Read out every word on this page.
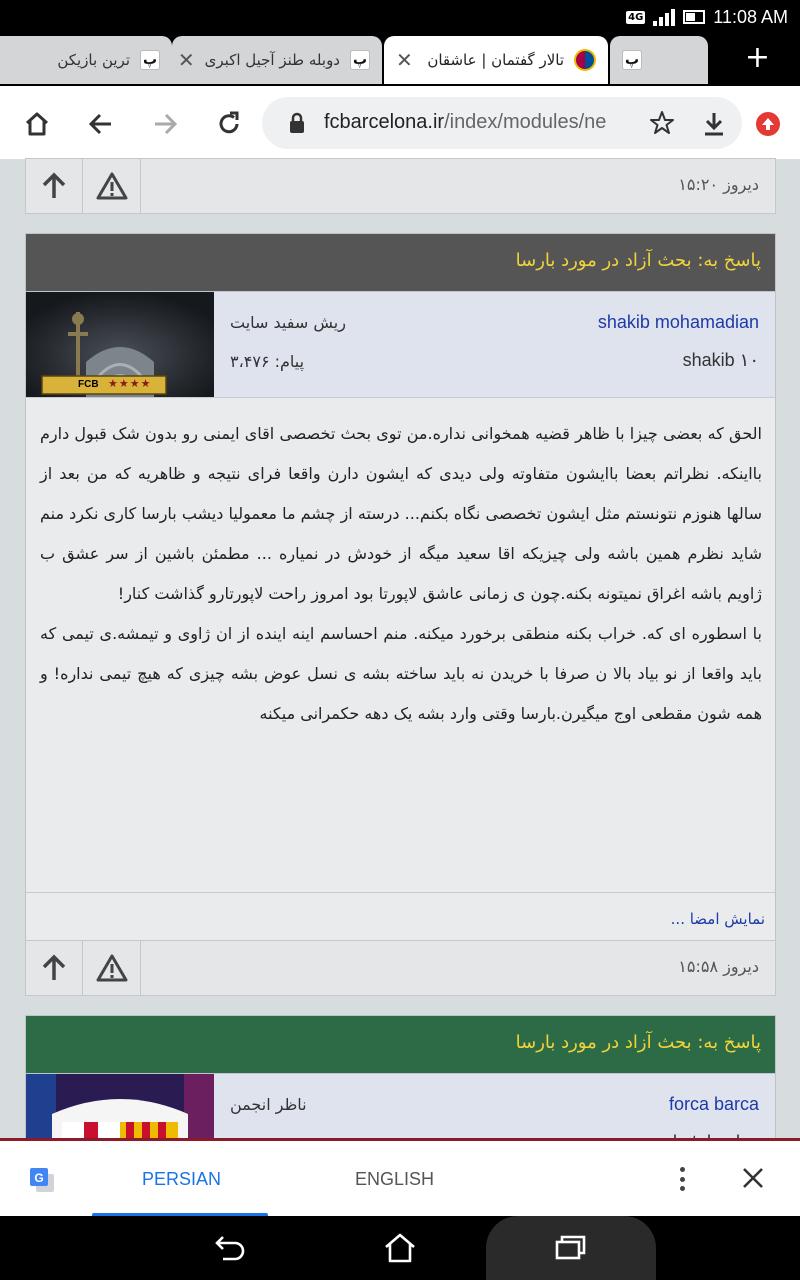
4G	11:08 AM
ﭖ
ترین بازیکن	ﭖ
دوبله طنز آجیل اکبری
✕	تالار گفتمان | عاشقان
✕	ﭖ	+
fcbarcelona.ir/index/modules/ne
دیروز ۱۵:۲۰
پاسخ به: بحث آزاد در مورد بارسا
FCB ★★★★
shakib mohamadian
shakib ۱۰
ریش سفید سایت
پیام: ۳،۴۷۶

الحق که بعضی چیزا با ظاهر قضیه همخوانی نداره.من توی بحث تخصصی اقای ایمنی رو بدون شک قبول دارم بااینکه. نظراتم بعضا باایشون متفاوته ولی دیدی که ایشون دارن واقعا فرای نتیجه و ظاهریه که من بعد از سالها هنوزم نتونستم مثل ایشون تخصصی نگاه بکنم... درسته از چشم ما معمولیا دیشب بارسا کاری نکرد منم شاید نظرم همین باشه ولی چیزیکه اقا سعید میگه از خودش در نمیاره ... مطمئن باشین از سر عشق ب ژاویم باشه اغراق نمیتونه بکنه.چون ی زمانی عاشق لاپورتا بود امروز راحت لاپورتارو گذاشت کنار!

با اسطوره ای که. خراب بکنه منطقی برخورد میکنه. منم احساسم اینه اینده از ان ژاوی و تیمشه.ی تیمی که باید واقعا از نو بیاد بالا ن صرفا با خریدن نه باید ساخته بشه ی نسل عوض بشه چیزی که هیچ تیمی نداره! و همه شون مقطعی اوج میگیرن.بارسا وقتی وارد بشه یک دهه حکمرانی میکنه

نمایش امضا ...
دیروز ۱۵:۵۸
پاسخ به: بحث آزاد در مورد بارسا
forca barca
ناظر انجمن
G	PERSIAN	ENGLISH
